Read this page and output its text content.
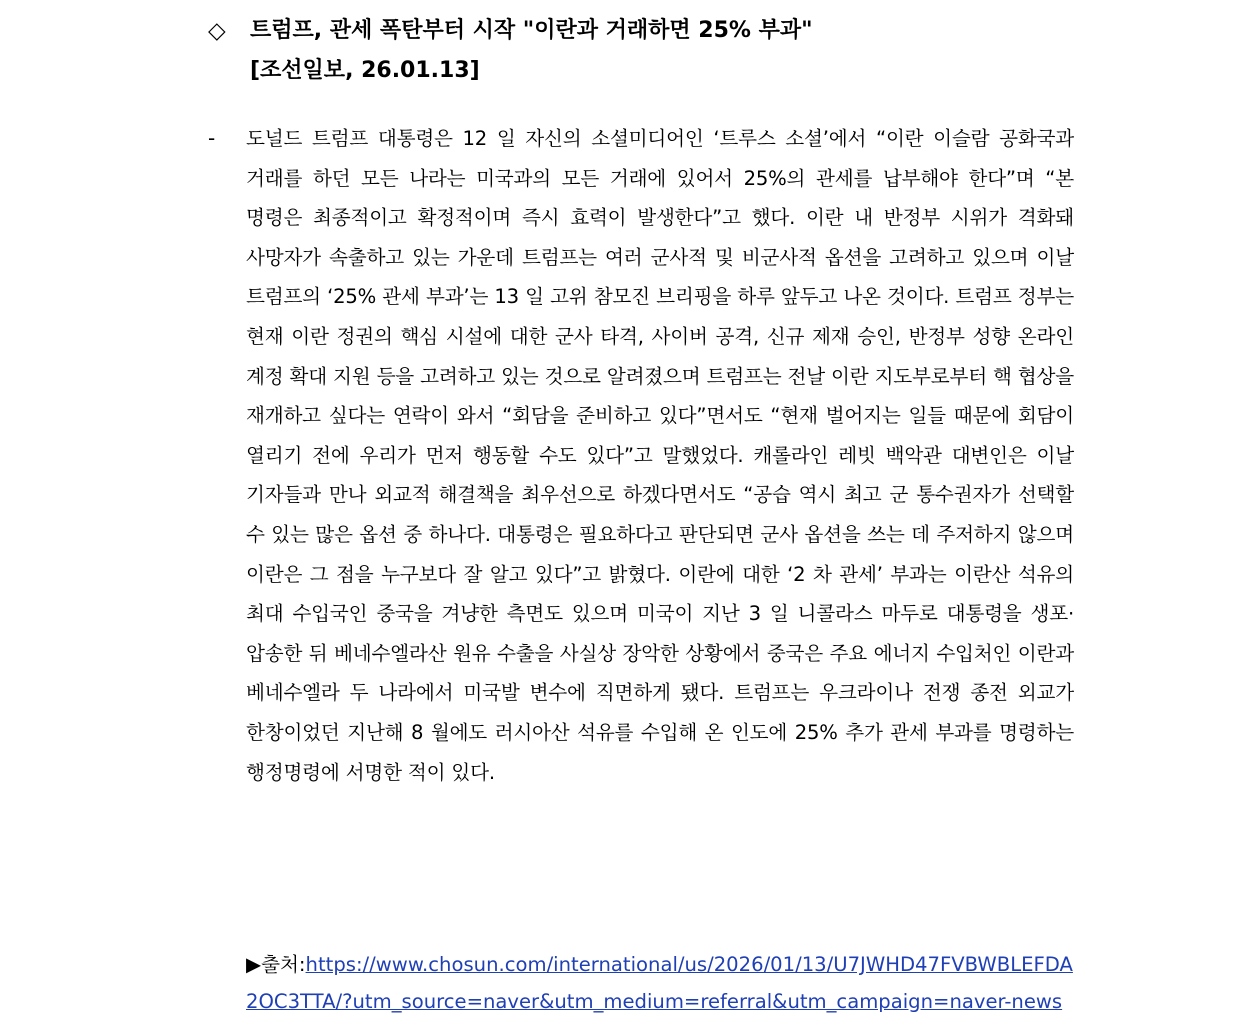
◇	트럼프, 관세 폭탄부터 시작 "이란과 거래하면 25% 부과"
[조선일보, 26.01.13]
-	도널드 트럼프 대통령은 12 일 자신의 소셜미디어인 ‘트루스 소셜’에서 “이란 이슬람 공화국과 거래를 하던 모든 나라는 미국과의 모든 거래에 있어서 25%의 관세를 납부해야 한다”며 “본 명령은 최종적이고 확정적이며 즉시 효력이 발생한다”고 했다. 이란 내 반정부 시위가 격화돼 사망자가 속출하고 있는 가운데 트럼프는 여러 군사적 및 비군사적 옵션을 고려하고 있으며 이날 트럼프의 ‘25% 관세 부과’는 13 일 고위 참모진 브리핑을 하루 앞두고 나온 것이다. 트럼프 정부는 현재 이란 정권의 핵심 시설에 대한 군사 타격, 사이버 공격, 신규 제재 승인, 반정부 성향 온라인 계정 확대 지원 등을 고려하고 있는 것으로 알려졌으며 트럼프는 전날 이란 지도부로부터 핵 협상을 재개하고 싶다는 연락이 와서 “회담을 준비하고 있다”면서도 “현재 벌어지는 일들 때문에 회담이 열리기 전에 우리가 먼저 행동할 수도 있다”고 말했었다. 캐롤라인 레빗 백악관 대변인은 이날 기자들과 만나 외교적 해결책을 최우선으로 하겠다면서도 “공습 역시 최고 군 통수권자가 선택할 수 있는 많은 옵션 중 하나다. 대통령은 필요하다고 판단되면 군사 옵션을 쓰는 데 주저하지 않으며 이란은 그 점을 누구보다 잘 알고 있다”고 밝혔다. 이란에 대한 ‘2 차 관세’ 부과는 이란산 석유의 최대 수입국인 중국을 겨냥한 측면도 있으며 미국이 지난 3 일 니콜라스 마두로 대통령을 생포·압송한 뒤 베네수엘라산 원유 수출을 사실상 장악한 상황에서 중국은 주요 에너지 수입처인 이란과 베네수엘라 두 나라에서 미국발 변수에 직면하게 됐다. 트럼프는 우크라이나 전쟁 종전 외교가 한창이었던 지난해 8 월에도 러시아산 석유를 수입해 온 인도에 25% 추가 관세 부과를 명령하는 행정명령에 서명한 적이 있다.
▶출처:https://www.chosun.com/international/us/2026/01/13/U7JWHD47FVBWBLEFDA2OC3TTA/?utm_source=naver&utm_medium=referral&utm_campaign=naver-news
